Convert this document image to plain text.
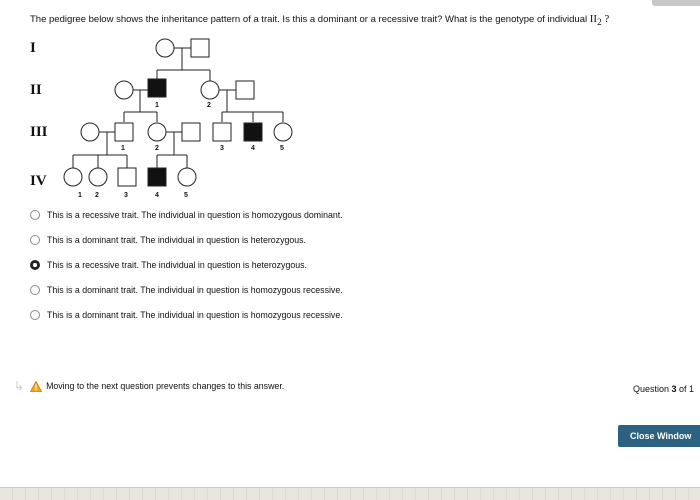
The pedigree below shows the inheritance pattern of a trait. Is this a dominant or a recessive trait? What is the genotype of individual $II_2$ ?
I
II
III
IV
1	2
1	2	3	4	5
1 2	3	4	5
This is a recessive trait. The individual in question is homozygous dominant.
This is a dominant trait. The individual in question is heterozygous.
This is a recessive trait. The individual in question is heterozygous.
This is a dominant trait. The individual in question is homozygous recessive.
This is a dominant trait. The individual in question is homozygous recessive.
↳	Moving to the next question prevents changes to this answer.	Question 3 of 1
Close Window
